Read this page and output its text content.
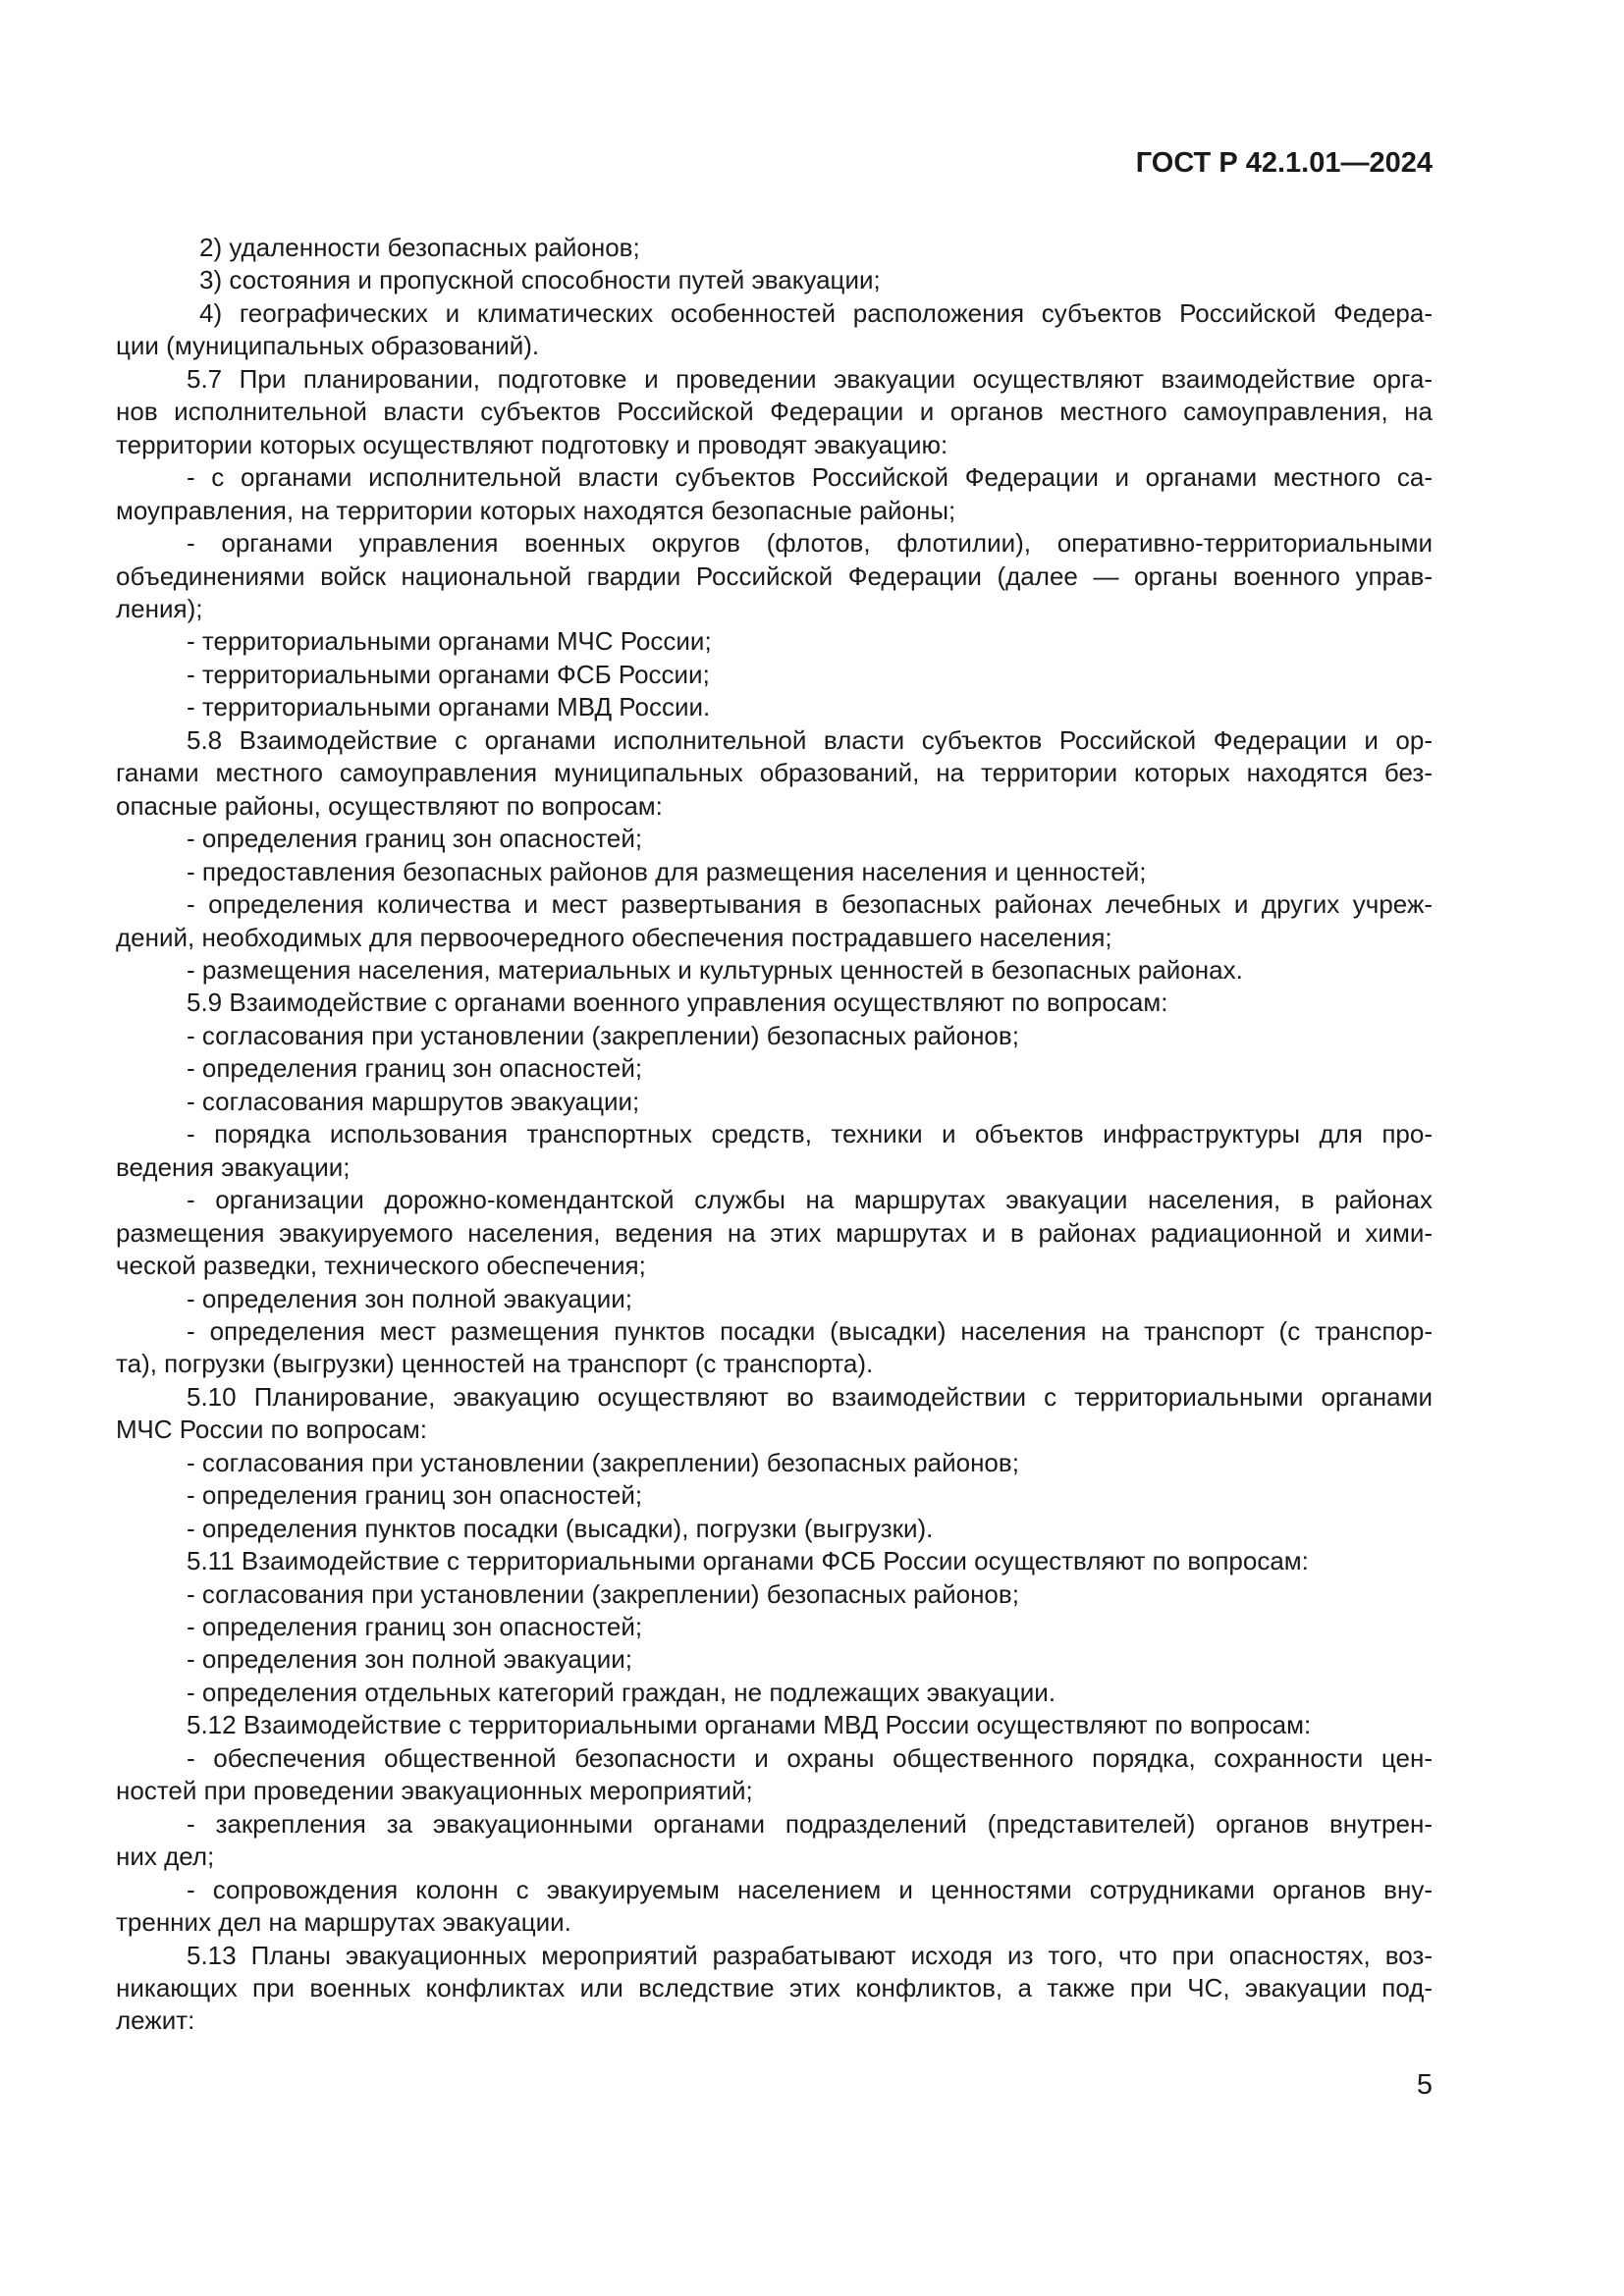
ГОСТ Р 42.1.01—2024
2) удаленности безопасных районов;
3) состояния и пропускной способности путей эвакуации;
4) географических и климатических особенностей расположения субъектов Российской Федера-
ции (муниципальных образований).
5.7 При планировании, подготовке и проведении эвакуации осуществляют взаимодействие орга-
нов исполнительной власти субъектов Российской Федерации и органов местного самоуправления, на
территории которых осуществляют подготовку и проводят эвакуацию:
- с органами исполнительной власти субъектов Российской Федерации и органами местного са-
моуправления, на территории которых находятся безопасные районы;
- органами управления военных округов (флотов, флотилии), оперативно-территориальными
объединениями войск национальной гвардии Российской Федерации (далее — органы военного управ-
ления);
- территориальными органами МЧС России;
- территориальными органами ФСБ России;
- территориальными органами МВД России.
5.8 Взаимодействие с органами исполнительной власти субъектов Российской Федерации и ор-
ганами местного самоуправления муниципальных образований, на территории которых находятся без-
опасные районы, осуществляют по вопросам:
- определения границ зон опасностей;
- предоставления безопасных районов для размещения населения и ценностей;
- определения количества и мест развертывания в безопасных районах лечебных и других учреж-
дений, необходимых для первоочередного обеспечения пострадавшего населения;
- размещения населения, материальных и культурных ценностей в безопасных районах.
5.9 Взаимодействие с органами военного управления осуществляют по вопросам:
- согласования при установлении (закреплении) безопасных районов;
- определения границ зон опасностей;
- согласования маршрутов эвакуации;
- порядка использования транспортных средств, техники и объектов инфраструктуры для про-
ведения эвакуации;
- организации дорожно-комендантской службы на маршрутах эвакуации населения, в районах
размещения эвакуируемого населения, ведения на этих маршрутах и в районах радиационной и хими-
ческой разведки, технического обеспечения;
- определения зон полной эвакуации;
- определения мест размещения пунктов посадки (высадки) населения на транспорт (с транспор-
та), погрузки (выгрузки) ценностей на транспорт (с транспорта).
5.10 Планирование, эвакуацию осуществляют во взаимодействии с территориальными органами
МЧС России по вопросам:
- согласования при установлении (закреплении) безопасных районов;
- определения границ зон опасностей;
- определения пунктов посадки (высадки), погрузки (выгрузки).
5.11 Взаимодействие с территориальными органами ФСБ России осуществляют по вопросам:
- согласования при установлении (закреплении) безопасных районов;
- определения границ зон опасностей;
- определения зон полной эвакуации;
- определения отдельных категорий граждан, не подлежащих эвакуации.
5.12 Взаимодействие с территориальными органами МВД России осуществляют по вопросам:
- обеспечения общественной безопасности и охраны общественного порядка, сохранности цен-
ностей при проведении эвакуационных мероприятий;
- закрепления за эвакуационными органами подразделений (представителей) органов внутрен-
них дел;
- сопровождения колонн с эвакуируемым населением и ценностями сотрудниками органов вну-
тренних дел на маршрутах эвакуации.
5.13 Планы эвакуационных мероприятий разрабатывают исходя из того, что при опасностях, воз-
никающих при военных конфликтах или вследствие этих конфликтов, а также при ЧС, эвакуации под-
лежит:
5
